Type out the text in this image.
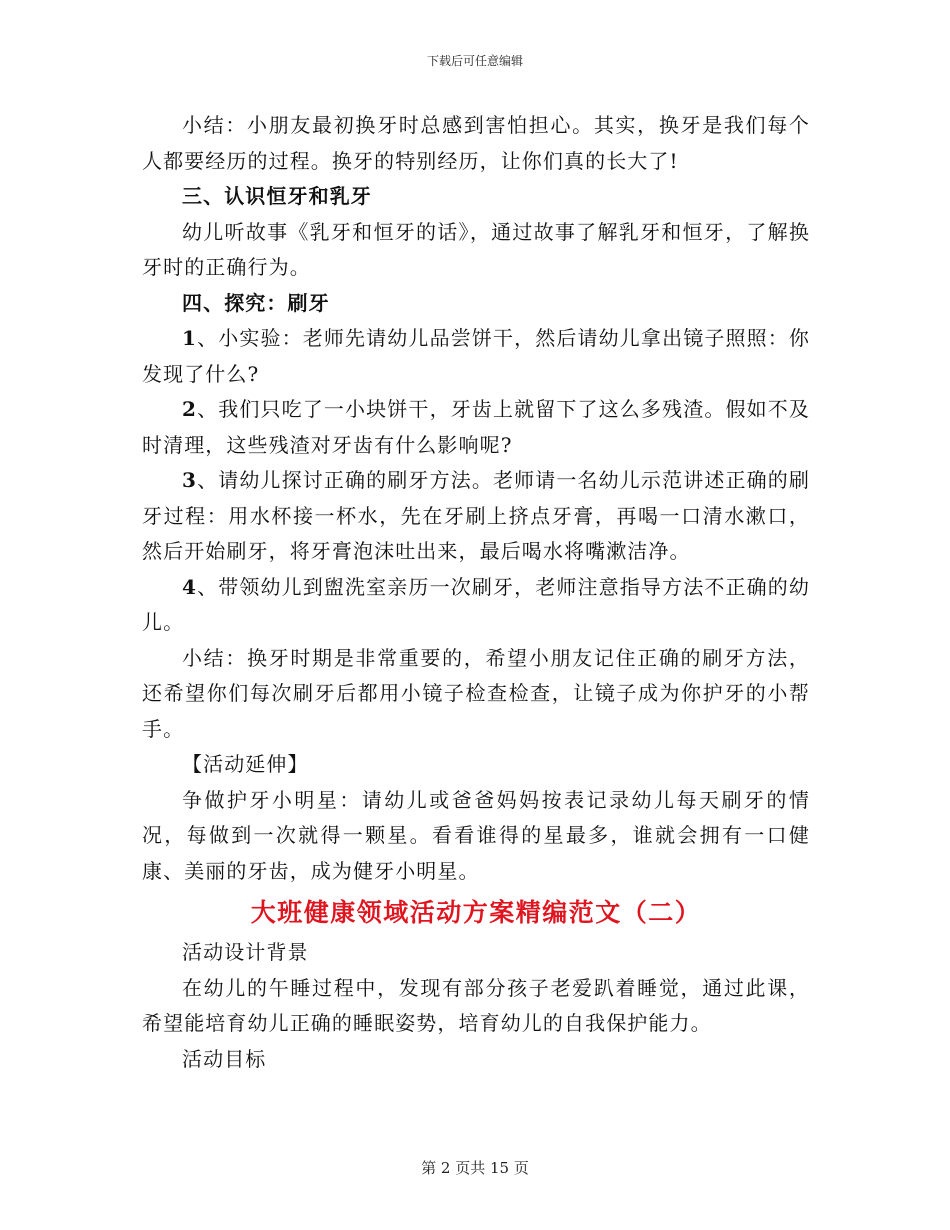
下载后可任意编辑

小结：小朋友最初换牙时总感到害怕担心。其实，换牙是我们每个人都要经历的过程。换牙的特别经历，让你们真的长大了!

三、认识恒牙和乳牙

幼儿听故事《乳牙和恒牙的话》，通过故事了解乳牙和恒牙，了解换牙时的正确行为。

四、探究：刷牙

1、小实验：老师先请幼儿品尝饼干，然后请幼儿拿出镜子照照：你发现了什么?

2、我们只吃了一小块饼干，牙齿上就留下了这么多残渣。假如不及时清理，这些残渣对牙齿有什么影响呢?

3、请幼儿探讨正确的刷牙方法。老师请一名幼儿示范讲述正确的刷牙过程：用水杯接一杯水，先在牙刷上挤点牙膏，再喝一口清水漱口，然后开始刷牙，将牙膏泡沫吐出来，最后喝水将嘴漱洁净。

4、带领幼儿到盥洗室亲历一次刷牙，老师注意指导方法不正确的幼儿。

小结：换牙时期是非常重要的，希望小朋友记住正确的刷牙方法，还希望你们每次刷牙后都用小镜子检查检查，让镜子成为你护牙的小帮手。

【活动延伸】

争做护牙小明星：请幼儿或爸爸妈妈按表记录幼儿每天刷牙的情况，每做到一次就得一颗星。看看谁得的星最多，谁就会拥有一口健康、美丽的牙齿，成为健牙小明星。

大班健康领域活动方案精编范文（二）

活动设计背景

在幼儿的午睡过程中，发现有部分孩子老爱趴着睡觉，通过此课，希望能培育幼儿正确的睡眠姿势，培育幼儿的自我保护能力。

活动目标

第 2 页共 15 页
